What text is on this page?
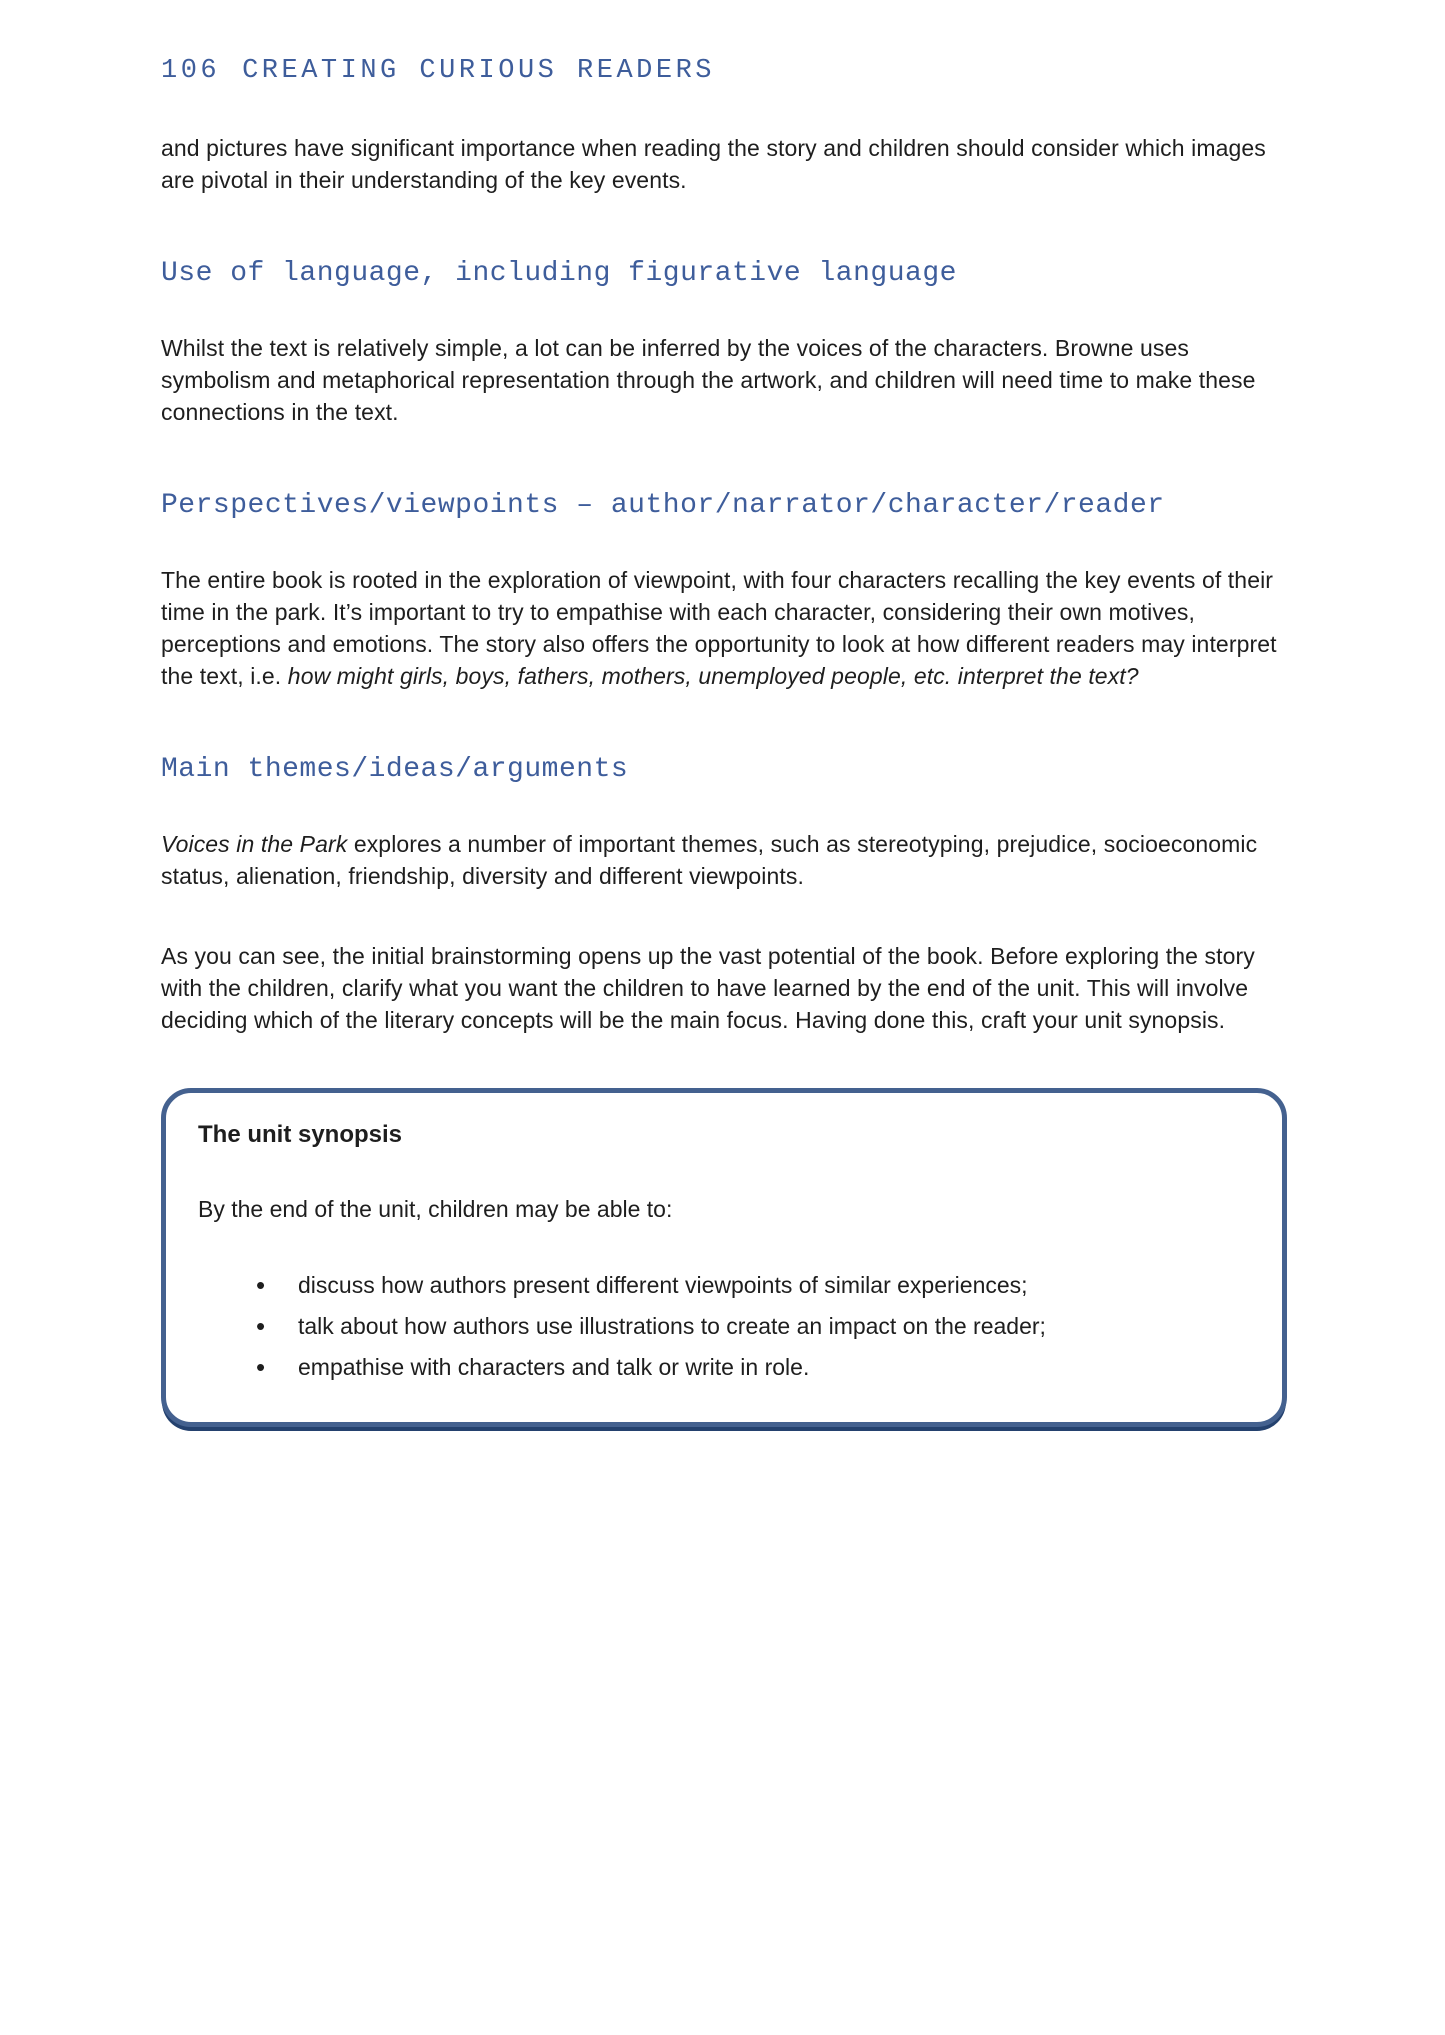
106 CREATING CURIOUS READERS

and pictures have significant importance when reading the story and children should consider which images are pivotal in their understanding of the key events.

Use of language, including figurative language

Whilst the text is relatively simple, a lot can be inferred by the voices of the characters. Browne uses symbolism and metaphorical representation through the artwork, and children will need time to make these connections in the text.

Perspectives/viewpoints – author/narrator/character/reader

The entire book is rooted in the exploration of viewpoint, with four characters recalling the key events of their time in the park. It’s important to try to empathise with each character, considering their own motives, perceptions and emotions. The story also offers the opportunity to look at how different readers may interpret the text, i.e. how might girls, boys, fathers, mothers, unemployed people, etc. interpret the text?

Main themes/ideas/arguments

Voices in the Park explores a number of important themes, such as stereotyping, prejudice, socioeconomic status, alienation, friendship, diversity and different viewpoints.

As you can see, the initial brainstorming opens up the vast potential of the book. Before exploring the story with the children, clarify what you want the children to have learned by the end of the unit. This will involve deciding which of the literary concepts will be the main focus. Having done this, craft your unit synopsis.

The unit synopsis
By the end of the unit, children may be able to:
• discuss how authors present different viewpoints of similar experiences;
• talk about how authors use illustrations to create an impact on the reader;
• empathise with characters and talk or write in role.
